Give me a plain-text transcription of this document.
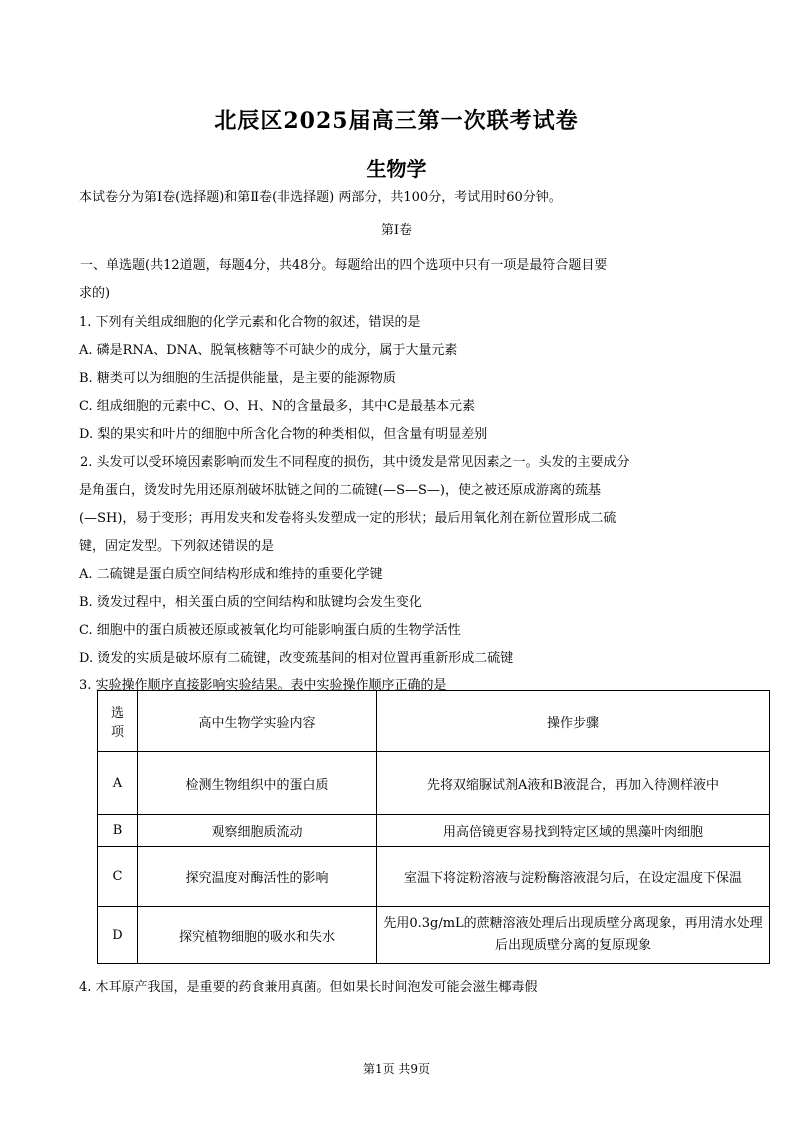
北辰区2025届高三第一次联考试卷
生物学
本试卷分为第Ⅰ卷(选择题)和第Ⅱ卷(非选择题) 两部分，共100分，考试用时60分钟。
第Ⅰ卷
一、单选题(共12道题，每题4分，共48分。每题给出的四个选项中只有一项是最符合题目要
求的)
1. 下列有关组成细胞的化学元素和化合物的叙述，错误的是
A. 磷是RNA、DNA、脱氧核糖等不可缺少的成分，属于大量元素
B. 糖类可以为细胞的生活提供能量，是主要的能源物质
C. 组成细胞的元素中C、O、H、N的含量最多，其中C是最基本元素
D. 梨的果实和叶片的细胞中所含化合物的种类相似，但含量有明显差别
2. 头发可以受环境因素影响而发生不同程度的损伤，其中烫发是常见因素之一。头发的主要成分
是角蛋白，烫发时先用还原剂破坏肽链之间的二硫键(—S—S—)，使之被还原成游离的巯基
(—SH)，易于变形；再用发夹和发卷将头发塑成一定的形状；最后用氧化剂在新位置形成二硫
键，固定发型。下列叙述错误的是
A. 二硫键是蛋白质空间结构形成和维持的重要化学键
B. 烫发过程中，相关蛋白质的空间结构和肽键均会发生变化
C. 细胞中的蛋白质被还原或被氧化均可能影响蛋白质的生物学活性
D. 烫发的实质是破坏原有二硫键，改变巯基间的相对位置再重新形成二硫键
3. 实验操作顺序直接影响实验结果。表中实验操作顺序正确的是
选
项	高中生物学实验内容	操作步骤
A	检测生物组织中的蛋白质	先将双缩脲试剂A液和B液混合，再加入待测样液中
B	观察细胞质流动	用高倍镜更容易找到特定区域的黑藻叶肉细胞
C	探究温度对酶活性的影响	室温下将淀粉溶液与淀粉酶溶液混匀后，在设定温度下保温
D	探究植物细胞的吸水和失水	先用0.3g/mL的蔗糖溶液处理后出现质壁分离现象，再用清水处理后出现质壁分离的复原现象
4. 木耳原产我国，是重要的药食兼用真菌。但如果长时间泡发可能会滋生椰毒假
第1页 共9页
